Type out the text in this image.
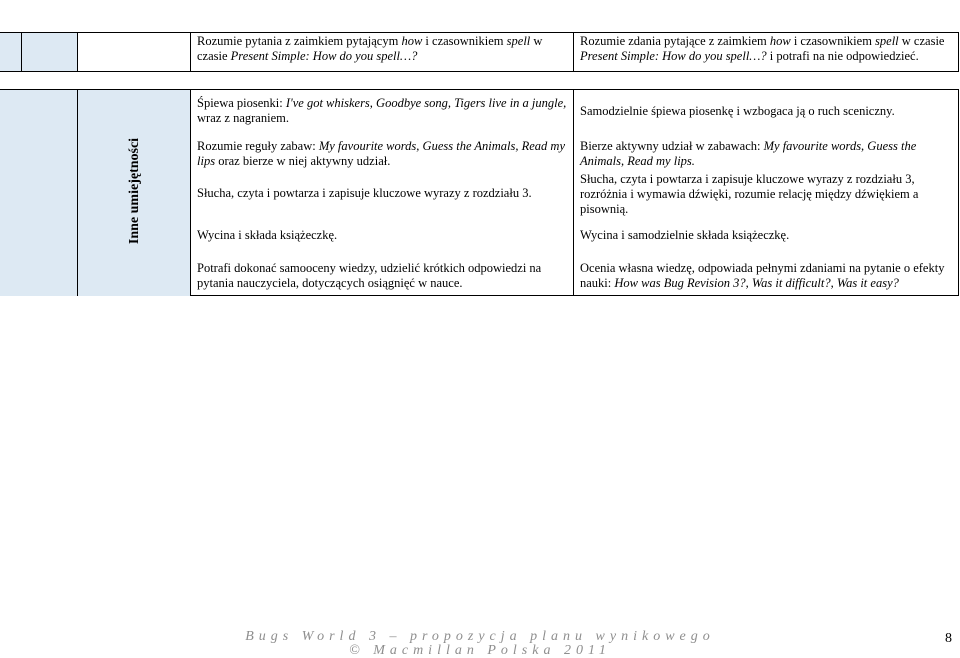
Rozumie pytania z zaimkiem pytającym how i czasownikiem spell w czasie Present Simple: How do you spell…?

Rozumie zdania pytające z zaimkiem how i czasownikiem spell w czasie Present Simple: How do you spell…? i potrafi na nie odpowiedzieć.

Inne umiejętności
Śpiewa piosenki: I've got whiskers, Goodbye song, Tigers live in a jungle, wraz z nagraniem.
Rozumie reguły zabaw: My favourite words, Guess the Animals, Read my lips oraz bierze w niej aktywny udział.
Słucha, czyta i powtarza i zapisuje kluczowe wyrazy z rozdziału 3.
Wycina i składa książeczkę.
Potrafi dokonać samooceny wiedzy, udzielić krótkich odpowiedzi na pytania nauczyciela, dotyczących osiągnięć w nauce.
Samodzielnie śpiewa piosenkę i wzbogaca ją o ruch sceniczny.
Bierze aktywny udział w zabawach: My favourite words, Guess the Animals, Read my lips.
Słucha, czyta i powtarza i zapisuje kluczowe wyrazy z rozdziału 3, rozróżnia i wymawia dźwięki, rozumie relację między dźwiękiem a pisownią.
Wycina i samodzielnie składa książeczkę.
Ocenia własna wiedzę, odpowiada pełnymi zdaniami na pytanie o efekty nauki: How was Bug Revision 3?, Was it difficult?, Was it easy?
Bugs World 3 – propozycja planu wynikowego
© Macmillan Polska 2011
8
